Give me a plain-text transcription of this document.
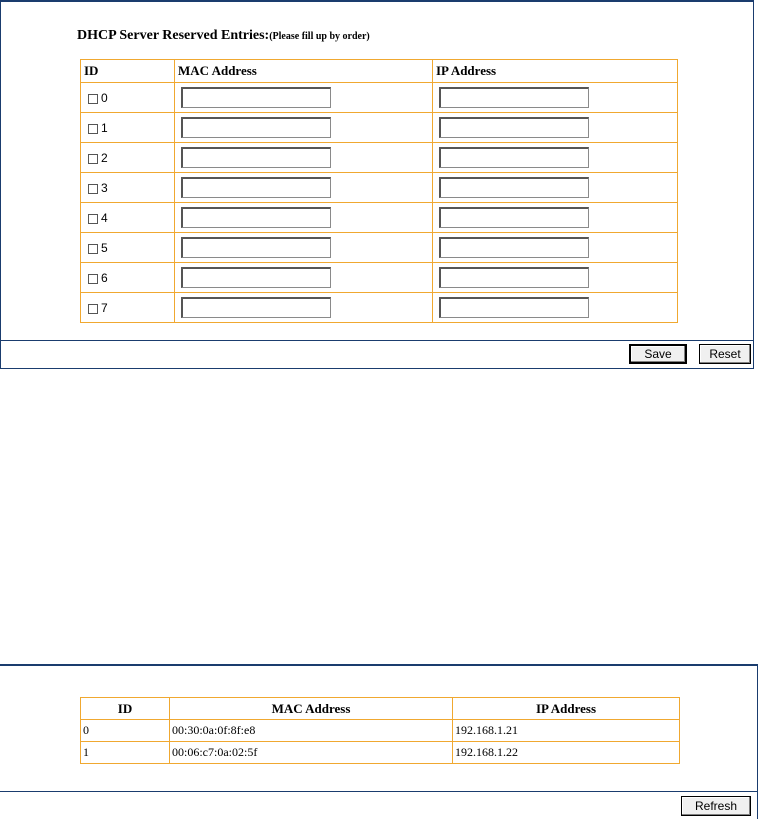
DHCP Server Reserved Entries:(Please fill up by order)
ID	MAC Address	IP Address
0	

1	

2	

3	

4	

5	

6	

7	

Save	Reset
ID	MAC Address	IP Address
0	00:30:0a:0f:8f:e8	192.168.1.21
1	00:06:c7:0a:02:5f	192.168.1.22
Refresh
